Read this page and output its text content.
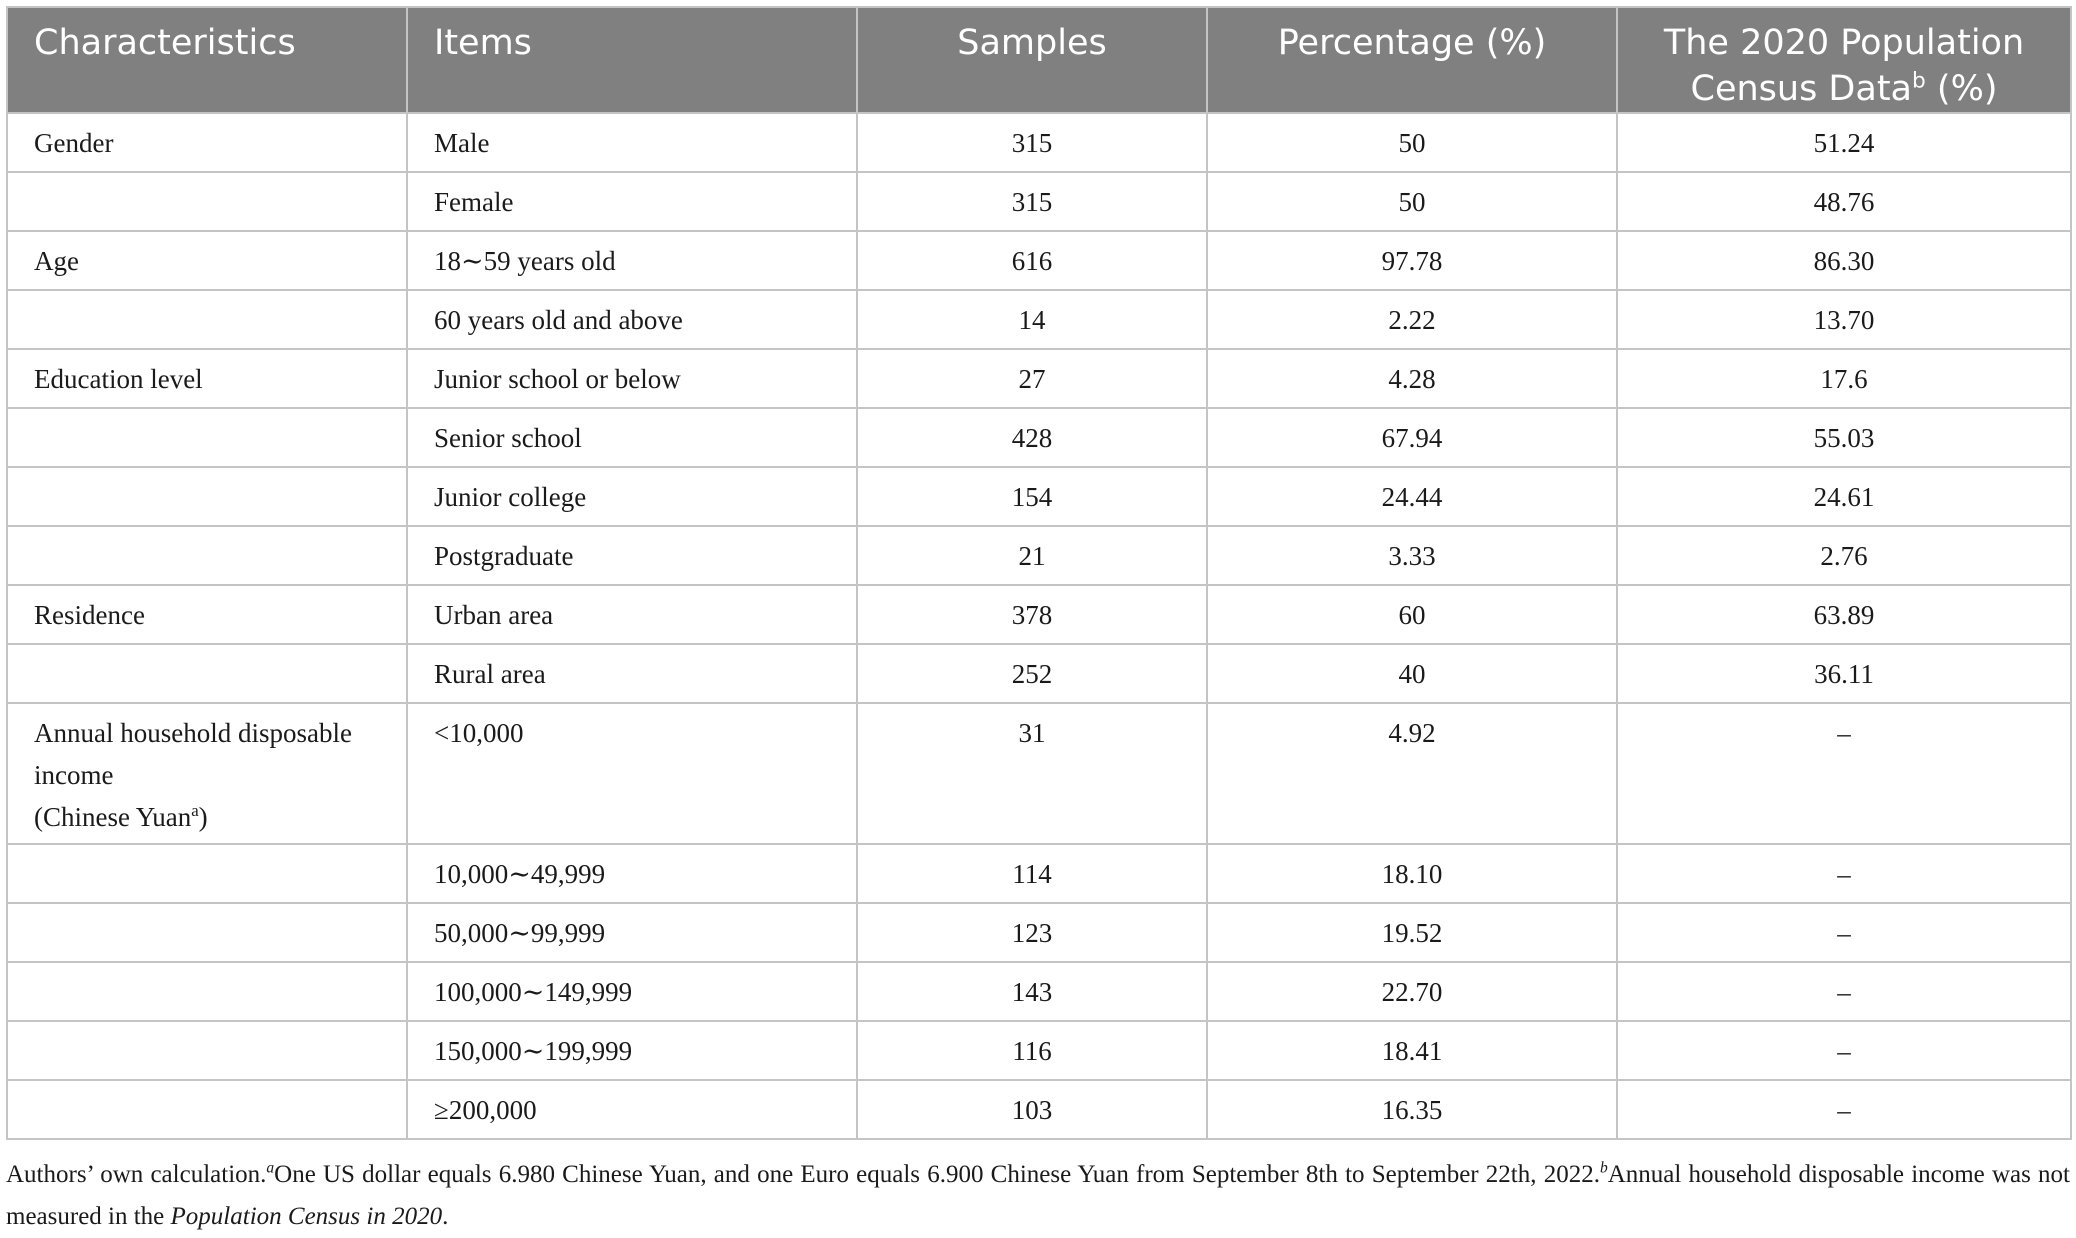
Characteristics	Items	Samples	Percentage (%)	The 2020 Population
Census Data$^b$ (%)
Gender	Male	315	50	51.24
	Female	315	50	48.76
Age	18∼59 years old	616	97.78	86.30
	60 years old and above	14	2.22	13.70
Education level	Junior school or below	27	4.28	17.6
	Senior school	428	67.94	55.03
	Junior college	154	24.44	24.61
	Postgraduate	21	3.33	2.76
Residence	Urban area	378	60	63.89
	Rural area	252	40	36.11
Annual household disposable
income
(Chinese Yuan$^a$)	<10,000	31	4.92	–
	10,000∼49,999	114	18.10	–
	50,000∼99,999	123	19.52	–
	100,000∼149,999	143	22.70	–
	150,000∼199,999	116	18.41	–
	≥200,000	103	16.35	–
Authors’ own calculation.$^a$One US dollar equals 6.980 Chinese Yuan, and one Euro equals 6.900 Chinese Yuan from September 8th to September 22th, 2022.$^b$Annual household disposable income was not measured in the Population Census in 2020.
